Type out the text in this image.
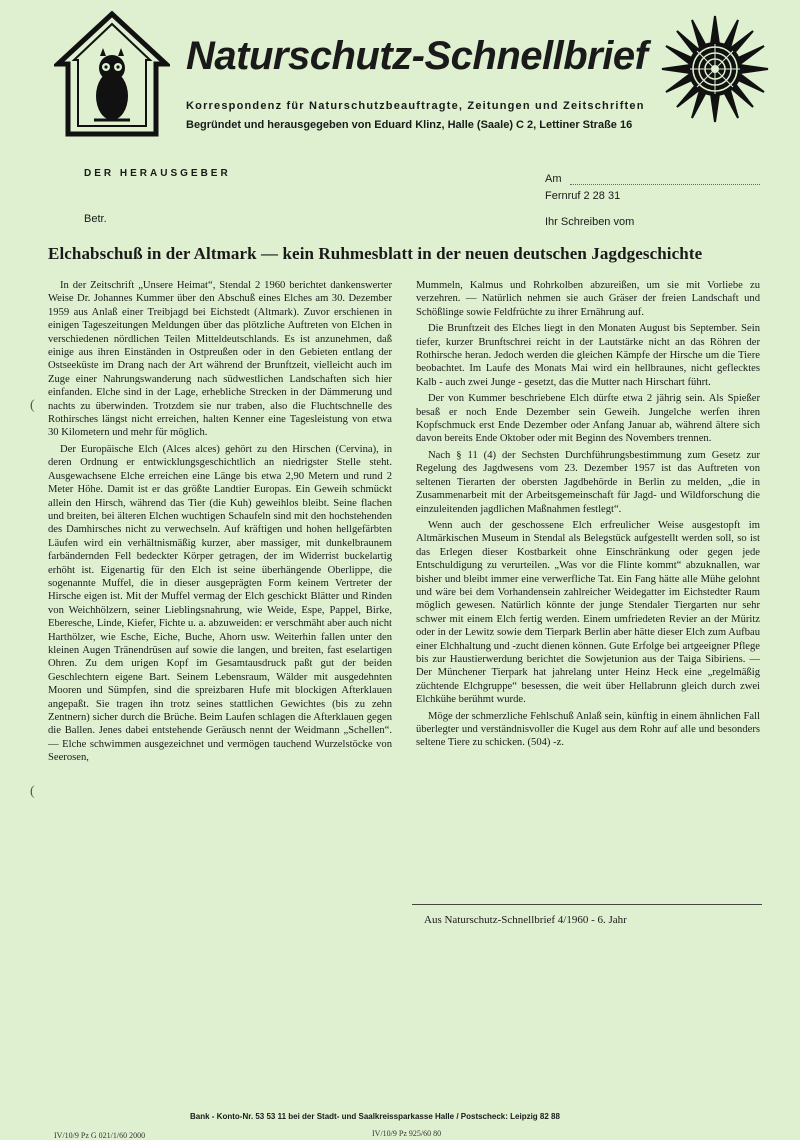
Naturschutz-Schnellbrief
Korrespondenz für Naturschutzbeauftragte, Zeitungen und Zeitschriften
Begründet und herausgegeben von Eduard Klinz, Halle (Saale) C 2, Lettiner Straße 16
DER HERAUSGEBER	Am
Fernruf 2 28 31
Betr.	Ihr Schreiben vom
Elchabschuß in der Altmark — kein Ruhmesblatt in der neuen deutschen Jagdgeschichte

In der Zeitschrift „Unsere Heimat“, Stendal 2 1960 berichtet dankenswerter Weise Dr. Johannes Kummer über den Abschuß eines Elches am 30. Dezember 1959 aus Anlaß einer Treibjagd bei Eichstedt (Altmark). Zuvor erschienen in einigen Tageszeitungen Meldungen über das plötzliche Auftreten von Elchen in verschiedenen nördlichen Teilen Mitteldeutschlands. Es ist anzunehmen, daß einige aus ihren Einständen in Ostpreußen oder in den Gebieten entlang der Ostseeküste im Drang nach der Art während der Brunftzeit, vielleicht auch im Zuge einer Nahrungswanderung nach südwestlichen Landschaften sich hier einfanden. Elche sind in der Lage, erhebliche Strecken in der Dämmerung und nachts zu überwinden. Trotzdem sie nur traben, also die Fluchtschnelle des Rothirsches längst nicht erreichen, halten Kenner eine Tagesleistung von etwa 30 Kilometern und mehr für möglich.

Der Europäische Elch (Alces alces) gehört zu den Hirschen (Cervina), in deren Ordnung er entwicklungsgeschichtlich an niedrigster Stelle steht. Ausgewachsene Elche erreichen eine Länge bis etwa 2,90 Metern und rund 2 Meter Höhe. Damit ist er das größte Landtier Europas. Ein Geweih schmückt allein den Hirsch, während das Tier (die Kuh) geweihlos bleibt. Seine flachen und breiten, bei älteren Elchen wuchtigen Schaufeln sind mit den hochstehenden des Damhirsches nicht zu verwechseln. Auf kräftigen und hohen hellgefärbten Läufen wird ein verhältnismäßig kurzer, aber massiger, mit dunkelbraunem farbändernden Fell bedeckter Körper getragen, der im Widerrist buckelartig erhöht ist. Eigenartig für den Elch ist seine überhängende Oberlippe, die sogenannte Muffel, die in dieser ausgeprägten Form keinem Vertreter der Hirsche eigen ist. Mit der Muffel vermag der Elch geschickt Blätter und Rinden von Weichhölzern, seiner Lieblingsnahrung, wie Weide, Espe, Pappel, Birke, Eberesche, Linde, Kiefer, Fichte u. a. abzuweiden: er verschmäht aber auch nicht Harthölzer, wie Esche, Eiche, Buche, Ahorn usw. Weiterhin fallen unter den kleinen Augen Tränendrüsen auf sowie die langen, und breiten, fast eselartigen Ohren. Zu dem urigen Kopf im Gesamtausdruck paßt gut der beiden Geschlechtern eigene Bart. Seinem Lebensraum, Wälder mit ausgedehnten Mooren und Sümpfen, sind die spreizbaren Hufe mit blockigen Afterklauen angepaßt. Sie tragen ihn trotz seines stattlichen Gewichtes (bis zu zehn Zentnern) sicher durch die Brüche. Beim Laufen schlagen die Afterklauen gegen die Ballen. Jenes dabei entstehende Geräusch nennt der Weidmann „Schellen“. — Elche schwimmen ausgezeichnet und vermögen tauchend Wurzelstöcke von Seerosen,

Mummeln, Kalmus und Rohrkolben abzureißen, um sie mit Vorliebe zu verzehren. — Natürlich nehmen sie auch Gräser der freien Landschaft und Schößlinge sowie Feldfrüchte zu ihrer Ernährung auf.

Die Brunftzeit des Elches liegt in den Monaten August bis September. Sein tiefer, kurzer Brunftschrei reicht in der Lautstärke nicht an das Röhren der Rothirsche heran. Jedoch werden die gleichen Kämpfe der Hirsche um die Tiere beobachtet. Im Laufe des Monats Mai wird ein hellbraunes, nicht geflecktes Kalb - auch zwei Junge - gesetzt, das die Mutter nach Hirschart führt.

Der von Kummer beschriebene Elch dürfte etwa 2 jährig sein. Als Spießer besaß er noch Ende Dezember sein Geweih. Jungelche werfen ihren Kopfschmuck erst Ende Dezember oder Anfang Januar ab, während ältere sich davon bereits Ende Oktober oder mit Beginn des Novembers trennen.

Nach § 11 (4) der Sechsten Durchführungsbestimmung zum Gesetz zur Regelung des Jagdwesens vom 23. Dezember 1957 ist das Auftreten von seltenen Tierarten der obersten Jagdbehörde in Berlin zu melden, „die in Zusammenarbeit mit der Arbeitsgemeinschaft für Jagd- und Wildforschung die einzuleitenden jagdlichen Maßnahmen festlegt“.

Wenn auch der geschossene Elch erfreulicher Weise ausgestopft im Altmärkischen Museum in Stendal als Belegstück aufgestellt werden soll, so ist das Erlegen dieser Kostbarkeit ohne Einschränkung oder gegen jede Entschuldigung zu verurteilen. „Was vor die Flinte kommt“ abzuknallen, war bisher und bleibt immer eine verwerfliche Tat. Ein Fang hätte alle Mühe gelohnt und wäre bei dem Vorhandensein zahlreicher Weidegatter im Eichstedter Raum möglich gewesen. Natürlich könnte der junge Stendaler Tiergarten nur sehr schwer mit einem Elch fertig werden. Einem umfriedeten Revier an der Müritz oder in der Lewitz sowie dem Tierpark Berlin aber hätte dieser Elch zum Aufbau einer Elchhaltung und -zucht dienen können. Gute Erfolge bei artgeeigner Pflege bis zur Haustierwerdung berichtet die Sowjetunion aus der Taiga Sibiriens. — Der Münchener Tierpark hat jahrelang unter Heinz Heck eine „regelmäßig züchtende Elchgruppe“ besessen, die weit über Hellabrunn gleich durch zwei Elchkühe berühmt wurde.

Möge der schmerzliche Fehlschuß Anlaß sein, künftig in einem ähnlichen Fall überlegter und verständnisvoller die Kugel aus dem Rohr auf alle und besonders seltene Tiere zu schicken. (504) -z.

Aus Naturschutz-Schnellbrief 4/1960 - 6. Jahr
(
(
Bank - Konto-Nr. 53 53 11 bei der Stadt- und Saalkreissparkasse Halle / Postscheck: Leipzig 82 88
IV/10/9 Pz G 021/1/60 2000	IV/10/9 Pz 925/60 80
